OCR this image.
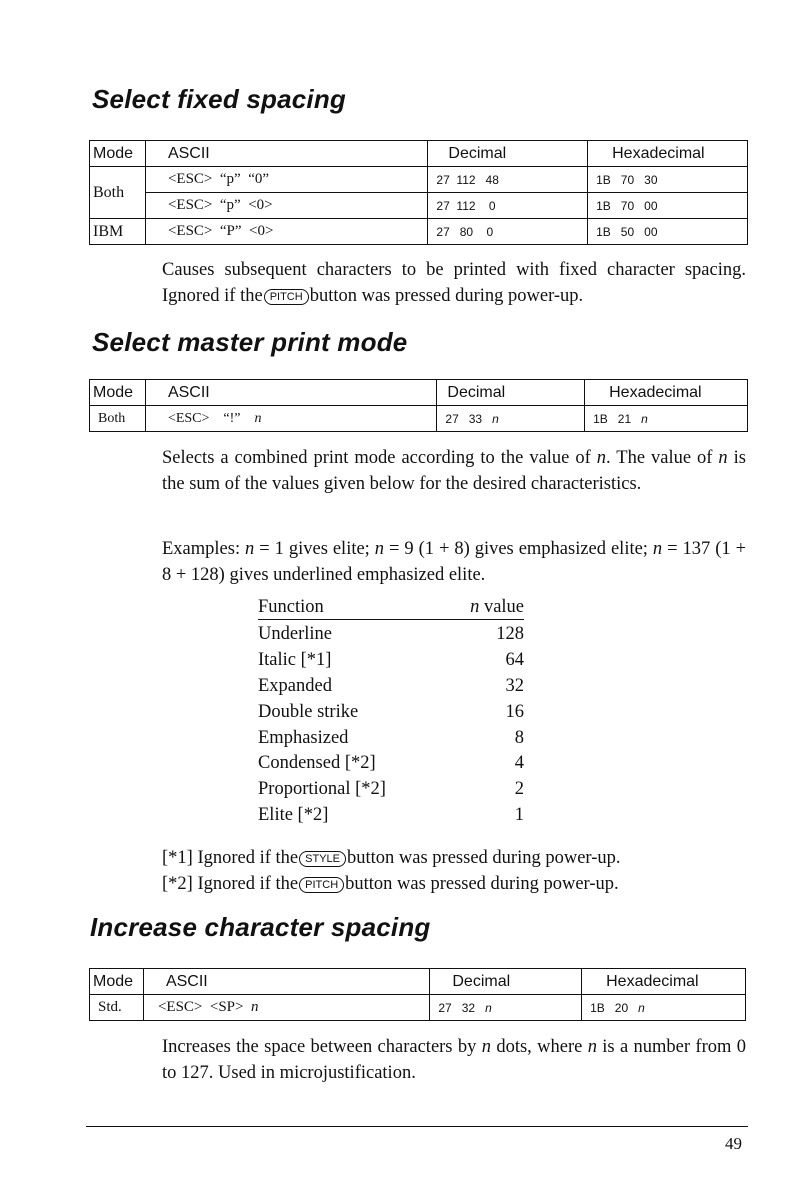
Select fixed spacing
Mode	ASCII	Decimal	Hexadecimal
Both	<ESC>  “p”  “0”	27  112   48	1B   70   30
	<ESC>  “p”  <0>	27  112    0	1B   70   00
IBM	<ESC>  “P”  <0>	27   80    0	1B   50   00

Causes subsequent characters to be printed with fixed character spacing. Ignored if the PITCH button was pressed during power-up.

Select master print mode
Mode	ASCII	Decimal	Hexadecimal
Both	<ESC>    “!”    n	27   33   n	1B   21   n

Selects a combined print mode according to the value of n. The value of n is the sum of the values given below for the desired characteristics.

Examples: n = 1 gives elite; n = 9 (1 + 8) gives emphasized elite; n = 137 (1 + 8 + 128) gives underlined emphasized elite.

Function	n value
Underline	128
Italic [*1]	64
Expanded	32
Double strike	16
Emphasized	8
Condensed [*2]	4
Proportional [*2]	2
Elite [*2]	1

[*1] Ignored if the STYLE button was pressed during power-up.

[*2] Ignored if the PITCH button was pressed during power-up.

Increase character spacing
Mode	ASCII	Decimal	Hexadecimal
Std.	<ESC>  <SP>  n	27   32   n	1B   20   n

Increases the space between characters by n dots, where n is a number from 0 to 127. Used in microjustification.

49
